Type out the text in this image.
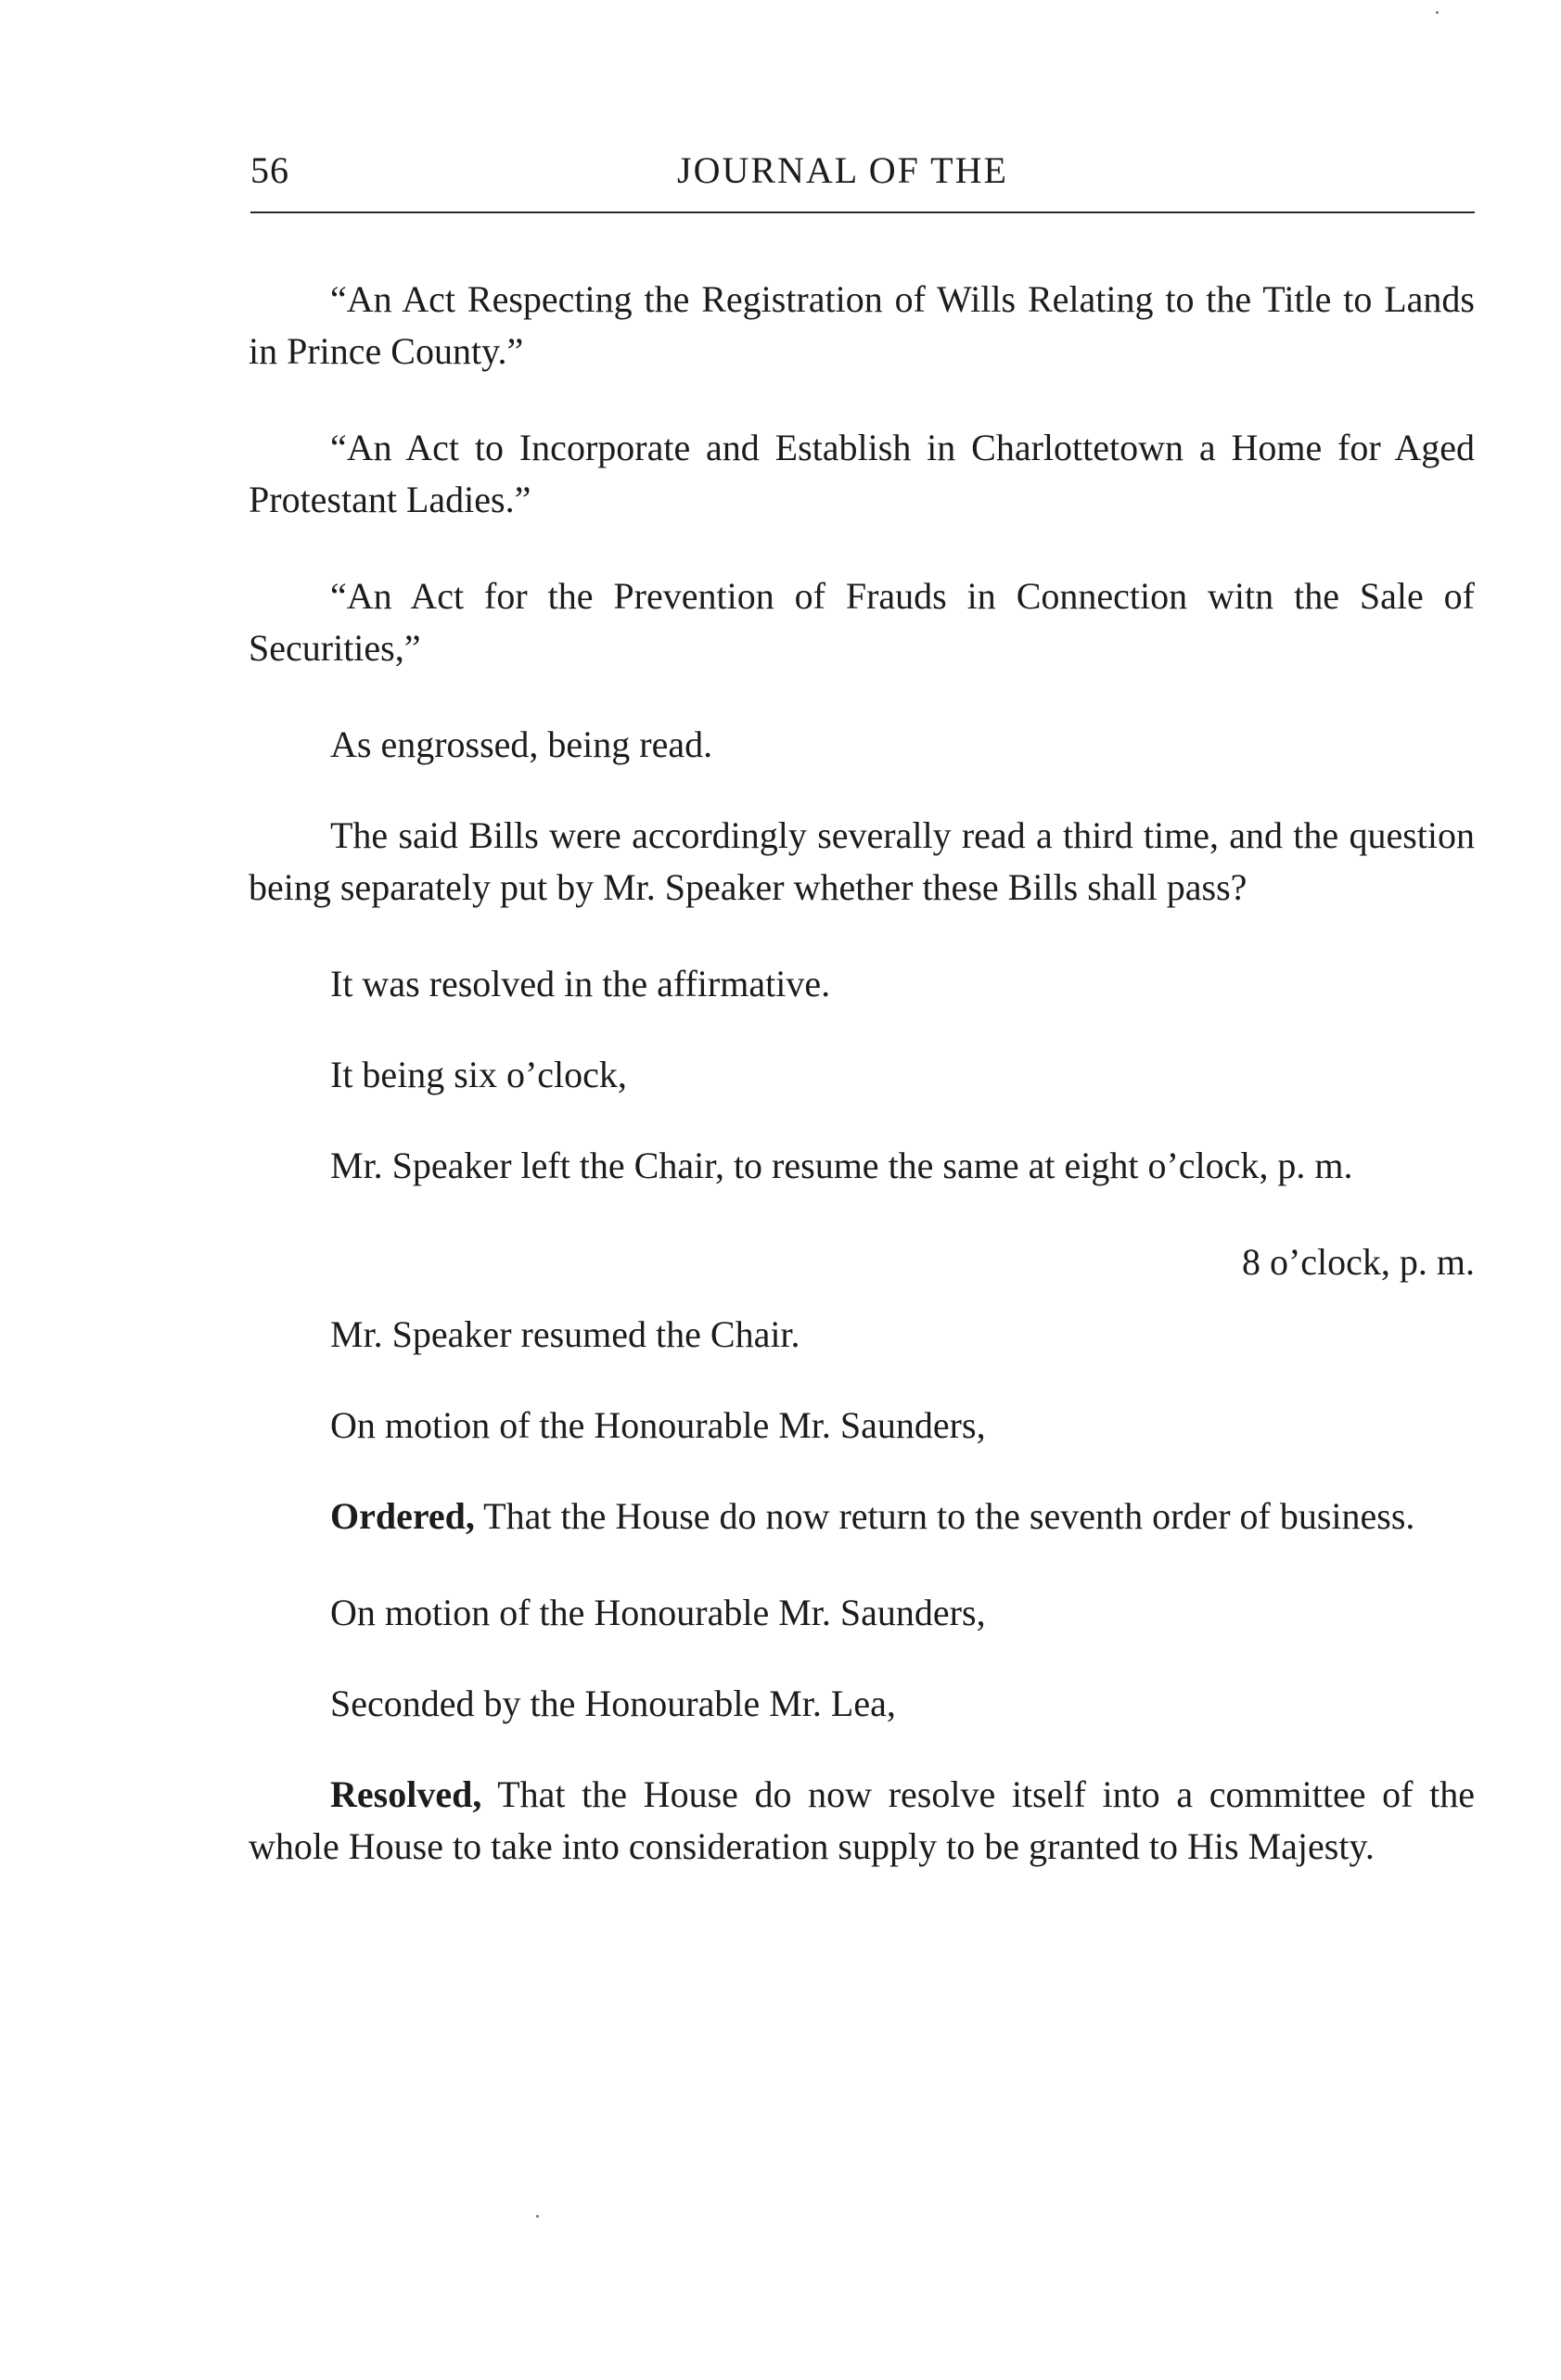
56	JOURNAL OF THE

“An Act Respecting the Registration of Wills Relating to the Title to Lands in Prince County.”

“An Act to Incorporate and Establish in Charlottetown a Home for Aged Protestant Ladies.”

“An Act for the Prevention of Frauds in Connection witn the Sale of Securities,”

As engrossed, being read.

The said Bills were accordingly severally read a third time, and the question being separately put by Mr. Speaker whether these Bills shall pass?

It was resolved in the affirmative.

It being six o’clock,

Mr. Speaker left the Chair, to resume the same at eight o’clock, p. m.

8 o’clock, p. m.

Mr. Speaker resumed the Chair.

On motion of the Honourable Mr. Saunders,

Ordered, That the House do now return to the seventh order of business.

On motion of the Honourable Mr. Saunders,

Seconded by the Honourable Mr. Lea,

Resolved, That the House do now resolve itself into a committee of the whole House to take into consideration supply to be granted to His Majesty.
